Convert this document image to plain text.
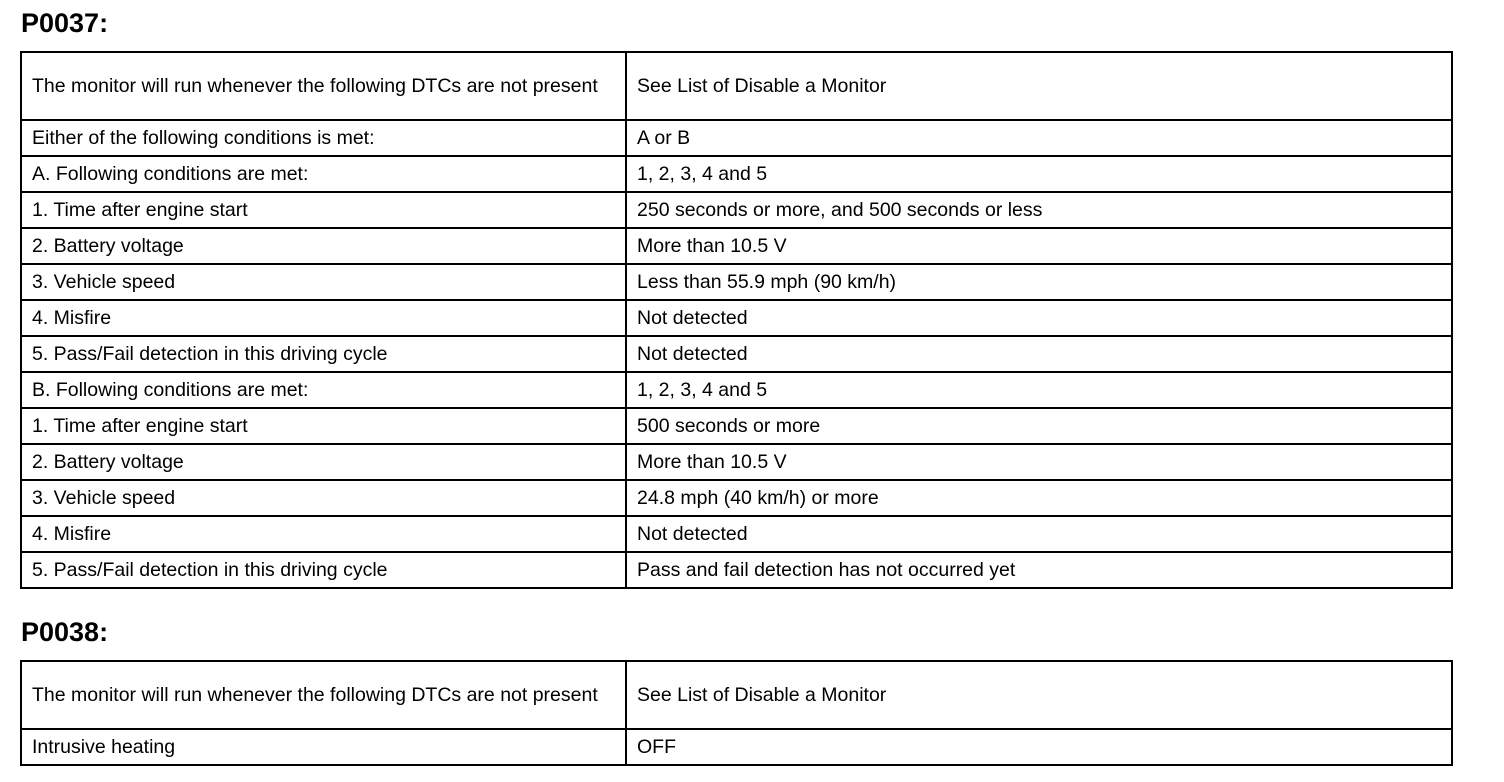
P0037:
The monitor will run whenever the following DTCs are not present	See List of Disable a Monitor
Either of the following conditions is met:	A or B
A. Following conditions are met:	1, 2, 3, 4 and 5
1. Time after engine start	250 seconds or more, and 500 seconds or less
2. Battery voltage	More than 10.5 V
3. Vehicle speed	Less than 55.9 mph (90 km/h)
4. Misfire	Not detected
5. Pass/Fail detection in this driving cycle	Not detected
B. Following conditions are met:	1, 2, 3, 4 and 5
1. Time after engine start	500 seconds or more
2. Battery voltage	More than 10.5 V
3. Vehicle speed	24.8 mph (40 km/h) or more
4. Misfire	Not detected
5. Pass/Fail detection in this driving cycle	Pass and fail detection has not occurred yet
P0038:
The monitor will run whenever the following DTCs are not present	See List of Disable a Monitor
Intrusive heating	OFF
